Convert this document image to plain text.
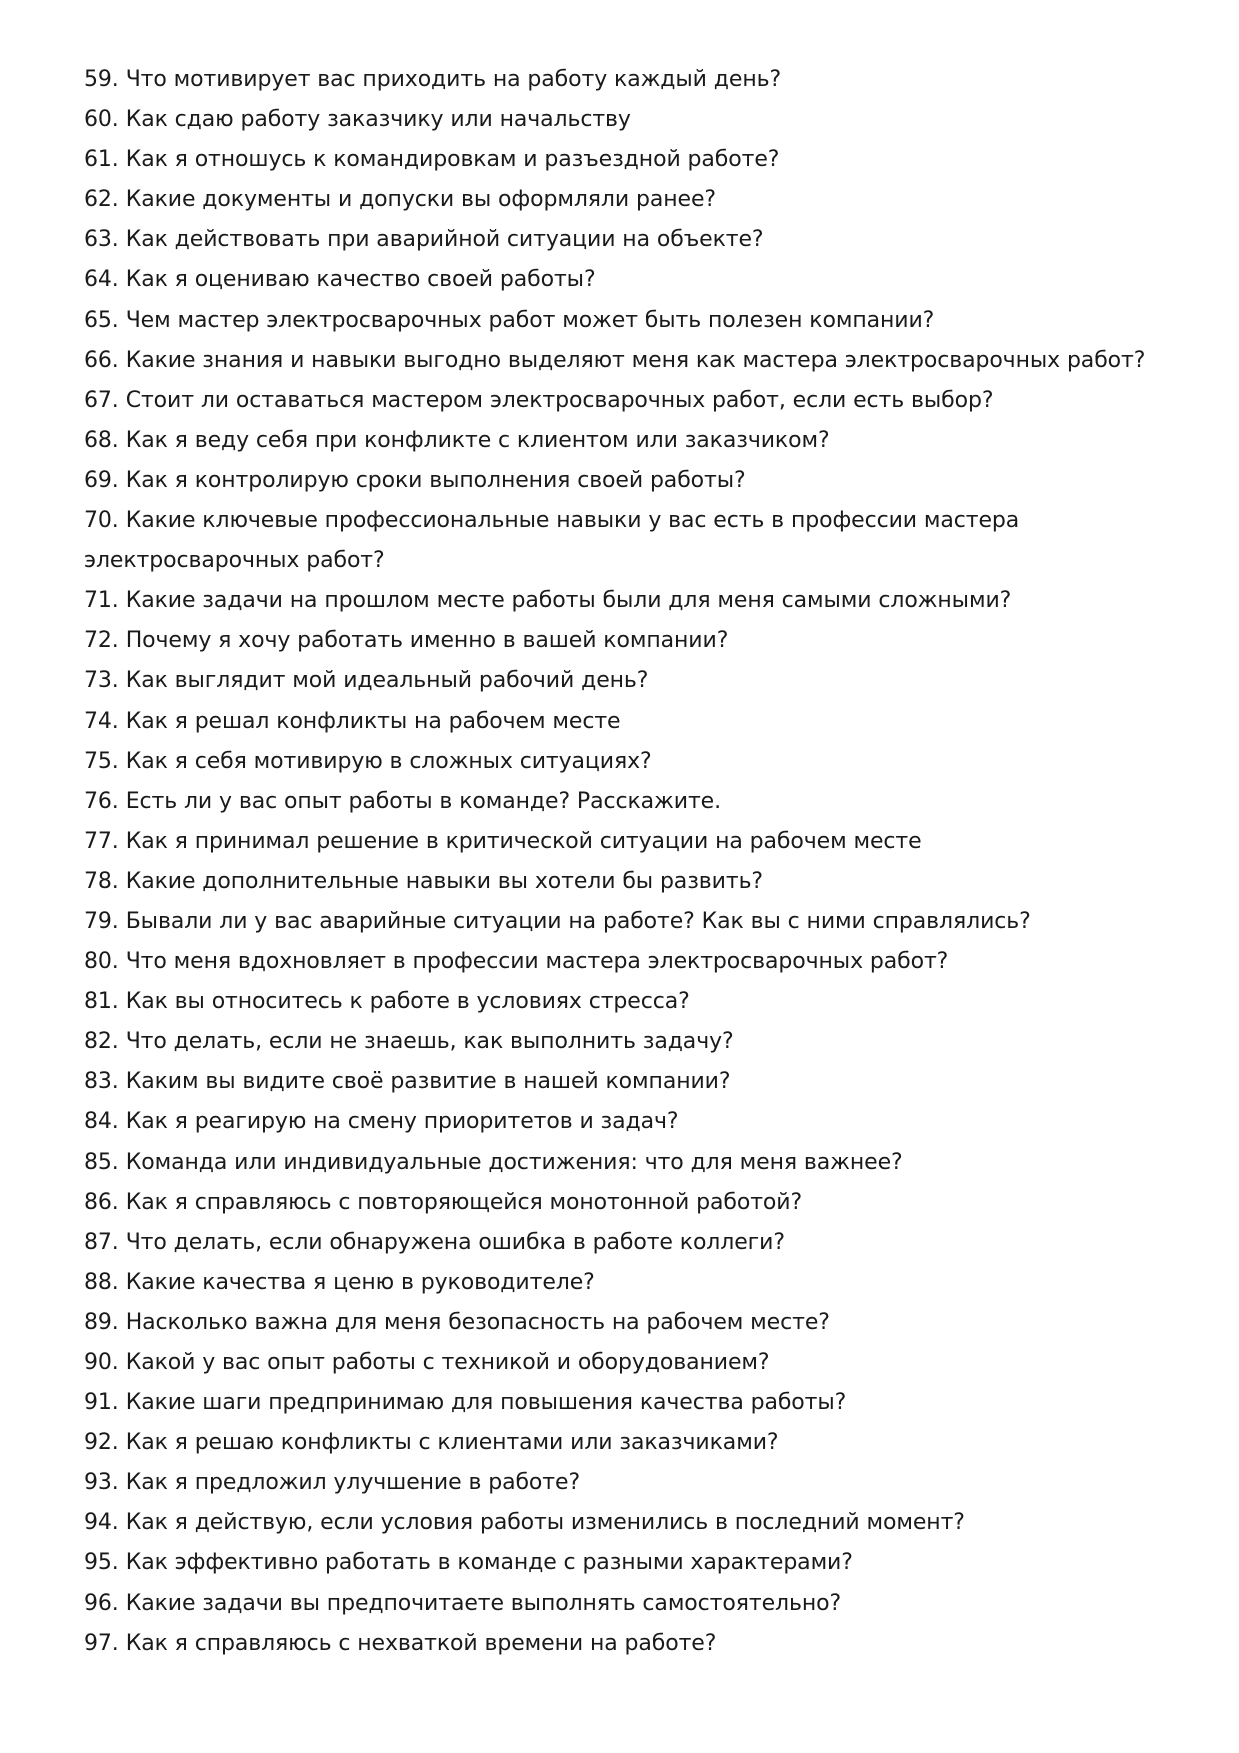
59. Что мотивирует вас приходить на работу каждый день?
60. Как сдаю работу заказчику или начальству
61. Как я отношусь к командировкам и разъездной работе?
62. Какие документы и допуски вы оформляли ранее?
63. Как действовать при аварийной ситуации на объекте?
64. Как я оцениваю качество своей работы?
65. Чем мастер электросварочных работ может быть полезен компании?
66. Какие знания и навыки выгодно выделяют меня как мастера электросварочных работ?
67. Стоит ли оставаться мастером электросварочных работ, если есть выбор?
68. Как я веду себя при конфликте с клиентом или заказчиком?
69. Как я контролирую сроки выполнения своей работы?
70. Какие ключевые профессиональные навыки у вас есть в профессии мастера электросварочных работ?
71. Какие задачи на прошлом месте работы были для меня самыми сложными?
72. Почему я хочу работать именно в вашей компании?
73. Как выглядит мой идеальный рабочий день?
74. Как я решал конфликты на рабочем месте
75. Как я себя мотивирую в сложных ситуациях?
76. Есть ли у вас опыт работы в команде? Расскажите.
77. Как я принимал решение в критической ситуации на рабочем месте
78. Какие дополнительные навыки вы хотели бы развить?
79. Бывали ли у вас аварийные ситуации на работе? Как вы с ними справлялись?
80. Что меня вдохновляет в профессии мастера электросварочных работ?
81. Как вы относитесь к работе в условиях стресса?
82. Что делать, если не знаешь, как выполнить задачу?
83. Каким вы видите своё развитие в нашей компании?
84. Как я реагирую на смену приоритетов и задач?
85. Команда или индивидуальные достижения: что для меня важнее?
86. Как я справляюсь с повторяющейся монотонной работой?
87. Что делать, если обнаружена ошибка в работе коллеги?
88. Какие качества я ценю в руководителе?
89. Насколько важна для меня безопасность на рабочем месте?
90. Какой у вас опыт работы с техникой и оборудованием?
91. Какие шаги предпринимаю для повышения качества работы?
92. Как я решаю конфликты с клиентами или заказчиками?
93. Как я предложил улучшение в работе?
94. Как я действую, если условия работы изменились в последний момент?
95. Как эффективно работать в команде с разными характерами?
96. Какие задачи вы предпочитаете выполнять самостоятельно?
97. Как я справляюсь с нехваткой времени на работе?
